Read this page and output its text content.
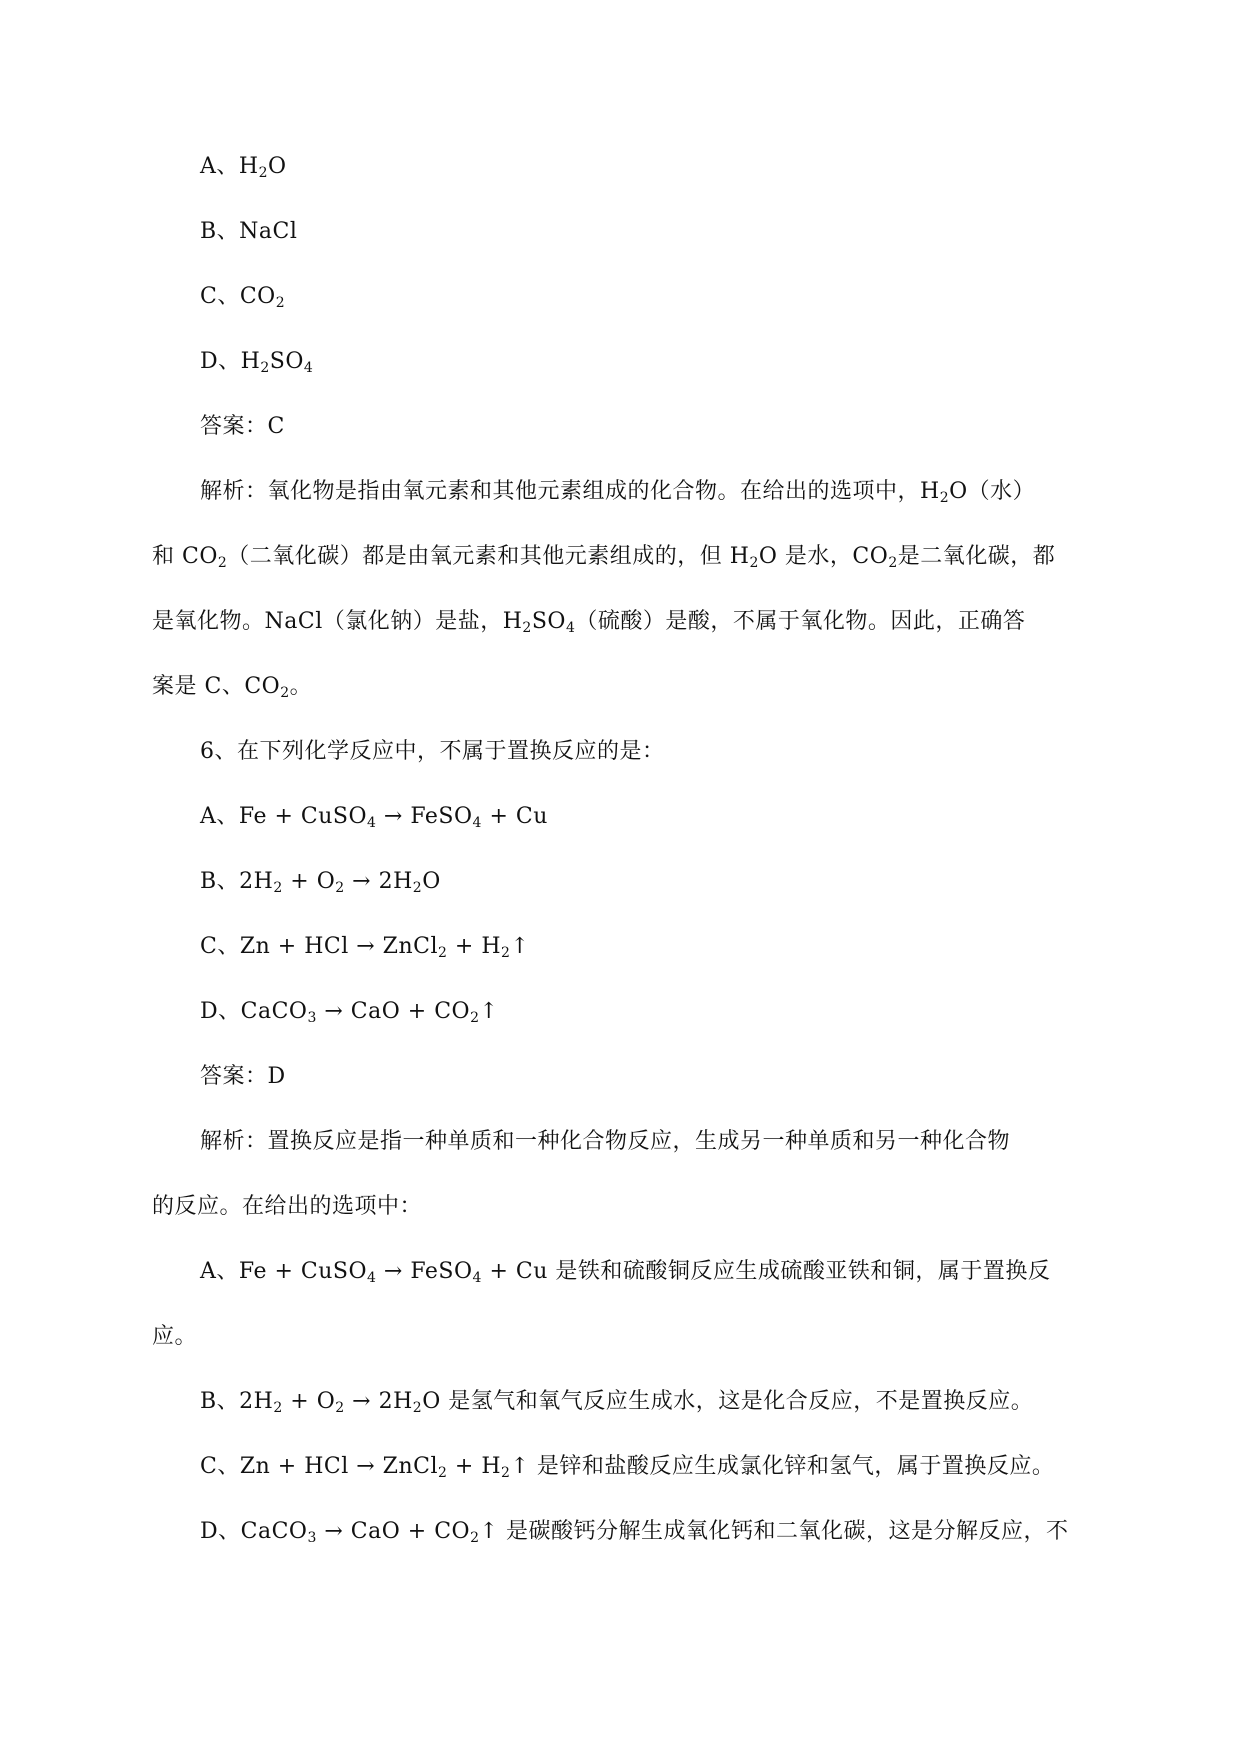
A、$H_2O$
B、NaCl
C、$CO_2$
D、$H_2SO_4$
答案：C
解析：氧化物是指由氧元素和其他元素组成的化合物。在给出的选项中，$H_2O$（水）
和 $CO_2$（二氧化碳）都是由氧元素和其他元素组成的，但 $H_2O$ 是水，$CO_2$是二氧化碳，都
是氧化物。NaCl（氯化钠）是盐，$H_2SO_4$（硫酸）是酸，不属于氧化物。因此，正确答
案是 C、$CO_2$。
6、在下列化学反应中，不属于置换反应的是：
A、Fe + CuSO$_4$ → FeSO$_4$ + Cu
B、$2H_2 + O_2 \to 2H_2O$
C、Zn + HCl → ZnCl$_2$ + $H_2↑$
D、CaCO$_3$ → CaO + $CO_2↑$
答案：D
解析：置换反应是指一种单质和一种化合物反应，生成另一种单质和另一种化合物
的反应。在给出的选项中：
A、Fe + CuSO$_4$ → FeSO$_4$ + Cu 是铁和硫酸铜反应生成硫酸亚铁和铜，属于置换反
应。
B、$2H_2 + O_2 \to 2H_2O$ 是氢气和氧气反应生成水，这是化合反应，不是置换反应。
C、Zn + HCl → ZnCl$_2$ + $H_2↑$ 是锌和盐酸反应生成氯化锌和氢气，属于置换反应。
D、CaCO$_3$ → CaO + $CO_2↑$ 是碳酸钙分解生成氧化钙和二氧化碳，这是分解反应，不
